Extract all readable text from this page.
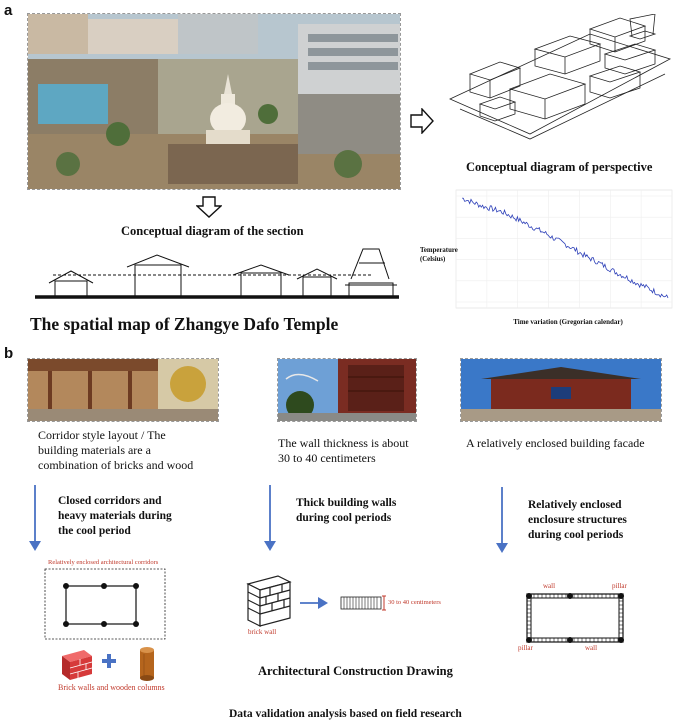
a
Conceptual diagram of perspective
Conceptual diagram of the section
The spatial map of Zhangye Dafo Temple
Temperature (Celsius)
Time variation (Gregorian calendar)
b
Corridor style layout / The
building materials are a
combination of bricks and wood
The wall thickness is about
30 to 40 centimeters
A relatively enclosed building facade
Closed corridors and
heavy materials during
the cool period
Thick building walls
during cool periods
Relatively enclosed
enclosure structures
during cool periods
Relatively enclosed architectural corridors
Brick walls and wooden columns
brick wall
30 to 40 centimeters
Architectural Construction Drawing
wall	pillar
pillar	wall
Data validation analysis based on field research
